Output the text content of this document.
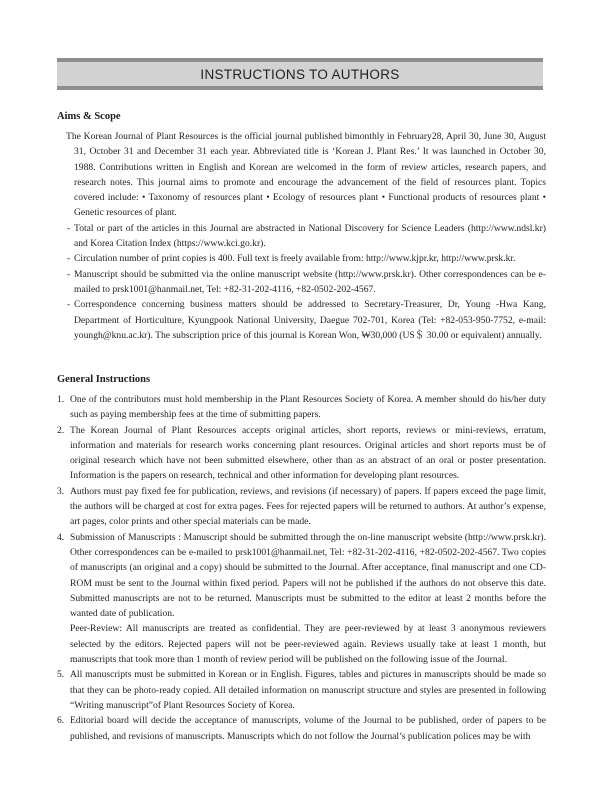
INSTRUCTIONS TO AUTHORS
Aims & Scope

The Korean Journal of Plant Resources is the official journal published bimonthly in February28, April 30, June 30, August 31, October 31 and December 31 each year. Abbreviated title is ‘Korean J. Plant Res.’ It was launched in October 30, 1988. Contributions written in English and Korean are welcomed in the form of review articles, research papers, and research notes. This journal aims to promote and encourage the advancement of the field of resources plant. Topics covered include: • Taxonomy of resources plant • Ecology of resources plant • Functional products of resources plant • Genetic resources of plant.

- Total or part of the articles in this Journal are abstracted in National Discovery for Science Leaders (http://www.ndsl.kr) and Korea Citation Index (https://www.kci.go.kr).

- Circulation number of print copies is 400. Full text is freely available from: http://www.kjpr.kr, http://www.prsk.kr.

- Manuscript should be submitted via the online manuscript website (http://www.prsk.kr). Other correspondences can be e-mailed to prsk1001@hanmail.net, Tel: +82-31-202-4116, +82-0502-202-4567.

- Correspondence concerning business matters should be addressed to Secretary-Treasurer, Dr, Young -Hwa Kang, Department of Horticulture, Kyungpook National University, Daegue 702-701, Korea (Tel: +82-053-950-7752, e-mail: youngh@knu.ac.kr). The subscription price of this journal is Korean Won, ₩30,000 (US＄ 30.00 or equivalent) annually.

General Instructions
1. One of the contributors must hold membership in the Plant Resources Society of Korea. A member should do his/her duty such as paying membership fees at the time of submitting papers.

2. The Korean Journal of Plant Resources accepts original articles, short reports, reviews or mini-reviews, erratum, information and materials for research works concerning plant resources. Original articles and short reports must be of original research which have not been submitted elsewhere, other than as an abstract of an oral or poster presentation. Information is the papers on research, technical and other information for developing plant resources.

3. Authors must pay fixed fee for publication, reviews, and revisions (if necessary) of papers. If papers exceed the page limit, the authors will be charged at cost for extra pages. Fees for rejected papers will be returned to authors. At author’s expense, art pages, color prints and other special materials can be made.

4. Submission of Manuscripts : Manuscript should be submitted through the on-line manuscript website (http://www.prsk.kr). Other correspondences can be e-mailed to prsk1001@hanmail.net, Tel: +82-31-202-4116, +82-0502-202-4567. Two copies of manuscripts (an original and a copy) should be submitted to the Journal. After acceptance, final manuscript and one CD-ROM must be sent to the Journal within fixed period. Papers will not be published if the authors do not observe this date. Submitted manuscripts are not to be returned. Manuscripts must be submitted to the editor at least 2 months before the wanted date of publication.

Peer-Review: All manuscripts are treated as confidential. They are peer-reviewed by at least 3 anonymous reviewers selected by the editors. Rejected papers will not be peer-reviewed again. Reviews usually take at least 1 month, but manuscripts that took more than 1 month of review period will be published on the following issue of the Journal.

5. All manuscripts must be submitted in Korean or in English. Figures, tables and pictures in manuscripts should be made so that they can be photo-ready copied. All detailed information on manuscript structure and styles are presented in following “Writing manuscript”of Plant Resources Society of Korea.

6. Editorial board will decide the acceptance of manuscripts, volume of the Journal to be published, order of papers to be published, and revisions of manuscripts. Manuscripts which do not follow the Journal’s publication polices may be with
